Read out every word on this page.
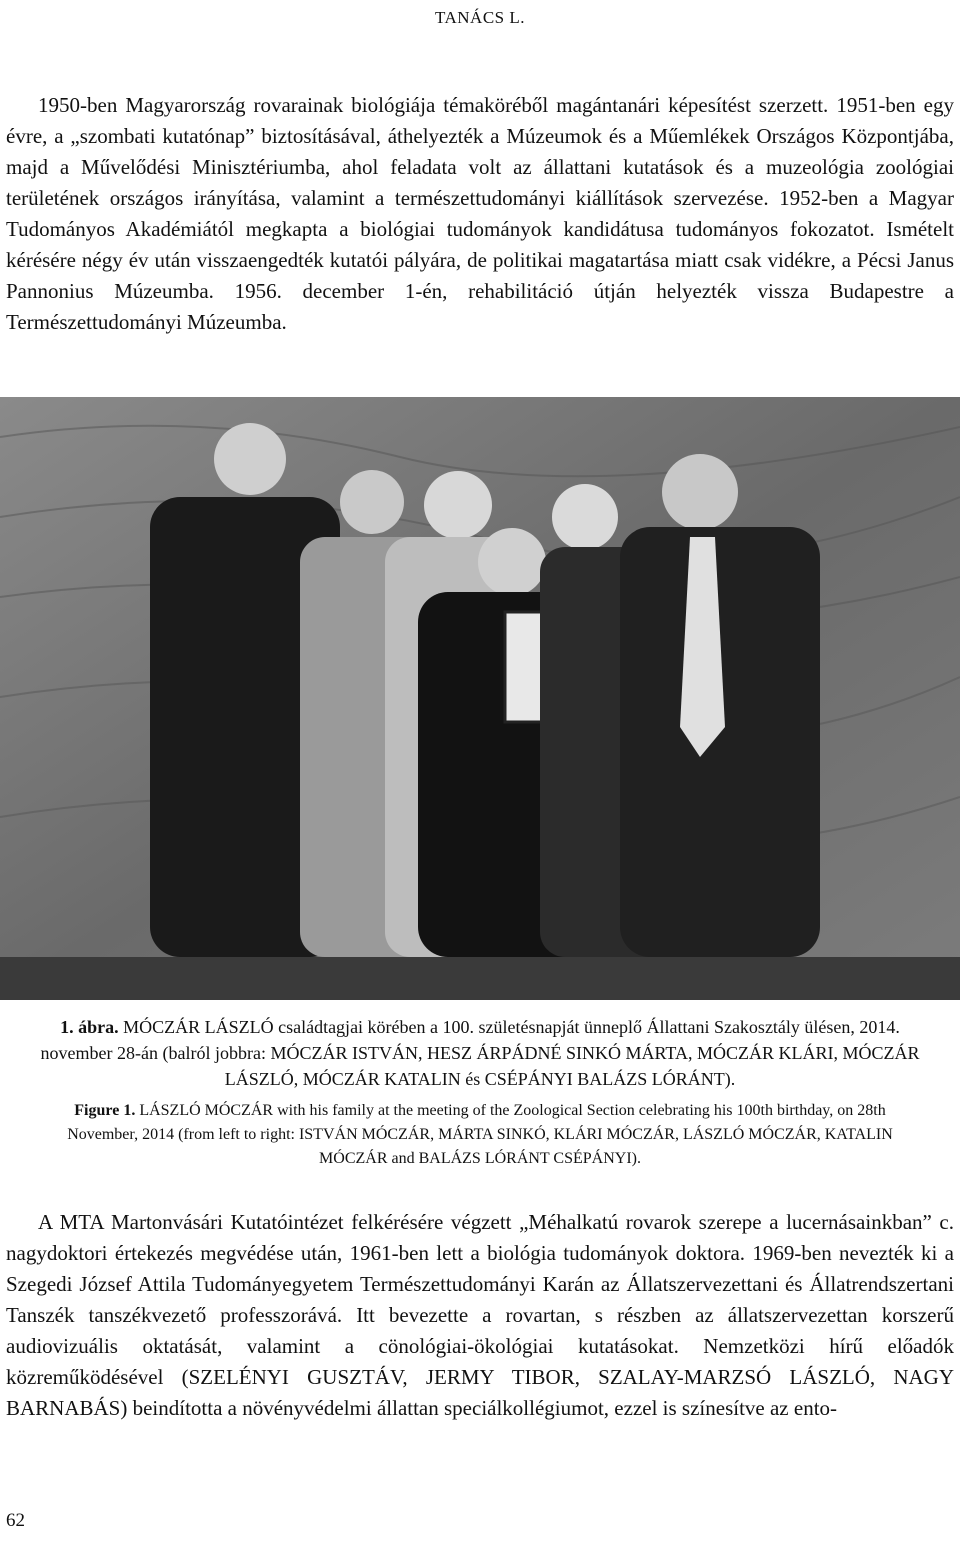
TANÁCS L.

1950-ben Magyarország rovarainak biológiája témaköréből magántanári képesítést szerzett. 1951-ben egy évre, a „szombati kutatónap” biztosításával, áthelyezték a Múzeumok és a Műemlékek Országos Központjába, majd a Művelődési Minisztériumba, ahol feladata volt az állattani kutatások és a muzeológia zoológiai területének országos irányítása, valamint a természettudományi kiállítások szervezése. 1952-ben a Magyar Tudományos Akadémiától megkapta a biológiai tudományok kandidátusa tudományos fokozatot. Ismételt kérésére négy év után visszaengedték kutatói pályára, de politikai magatartása miatt csak vidékre, a Pécsi Janus Pannonius Múzeumba. 1956. december 1-én, rehabilitáció útján helyezték vissza Budapestre a Természettudományi Múzeumba.

1. ábra. MÓCZÁR LÁSZLÓ családtagjai körében a 100. születésnapját ünneplő Állattani Szakosztály ülésen, 2014. november 28-án (balról jobbra: MÓCZÁR ISTVÁN, HESZ ÁRPÁDNÉ SINKÓ MÁRTA, MÓCZÁR KLÁRI, MÓCZÁR LÁSZLÓ, MÓCZÁR KATALIN és CSÉPÁNYI BALÁZS LÓRÁNT).

Figure 1. LÁSZLÓ MÓCZÁR with his family at the meeting of the Zoological Section celebrating his 100th birthday, on 28th November, 2014 (from left to right: ISTVÁN MÓCZÁR, MÁRTA SINKÓ, KLÁRI MÓCZÁR, LÁSZLÓ MÓCZÁR, KATALIN MÓCZÁR and BALÁZS LÓRÁNT CSÉPÁNYI).

A MTA Martonvásári Kutatóintézet felkérésére végzett „Méhalkatú rovarok szerepe a lucernásainkban” c. nagydoktori értekezés megvédése után, 1961-ben lett a biológia tudományok doktora. 1969-ben nevezték ki a Szegedi József Attila Tudományegyetem Természettudományi Karán az Állatszervezettani és Állatrendszertani Tanszék tanszékvezető professzorává. Itt bevezette a rovartan, s részben az állatszervezettan korszerű audiovizuális oktatását, valamint a cönológiai-ökológiai kutatásokat. Nemzetközi hírű előadók közreműködésével (SZELÉNYI GUSZTÁV, JERMY TIBOR, SZALAY-MARZSÓ LÁSZLÓ, NAGY BARNABÁS) beindította a növényvédelmi állattan speciálkollégiumot, ezzel is színesítve az ento-

62
